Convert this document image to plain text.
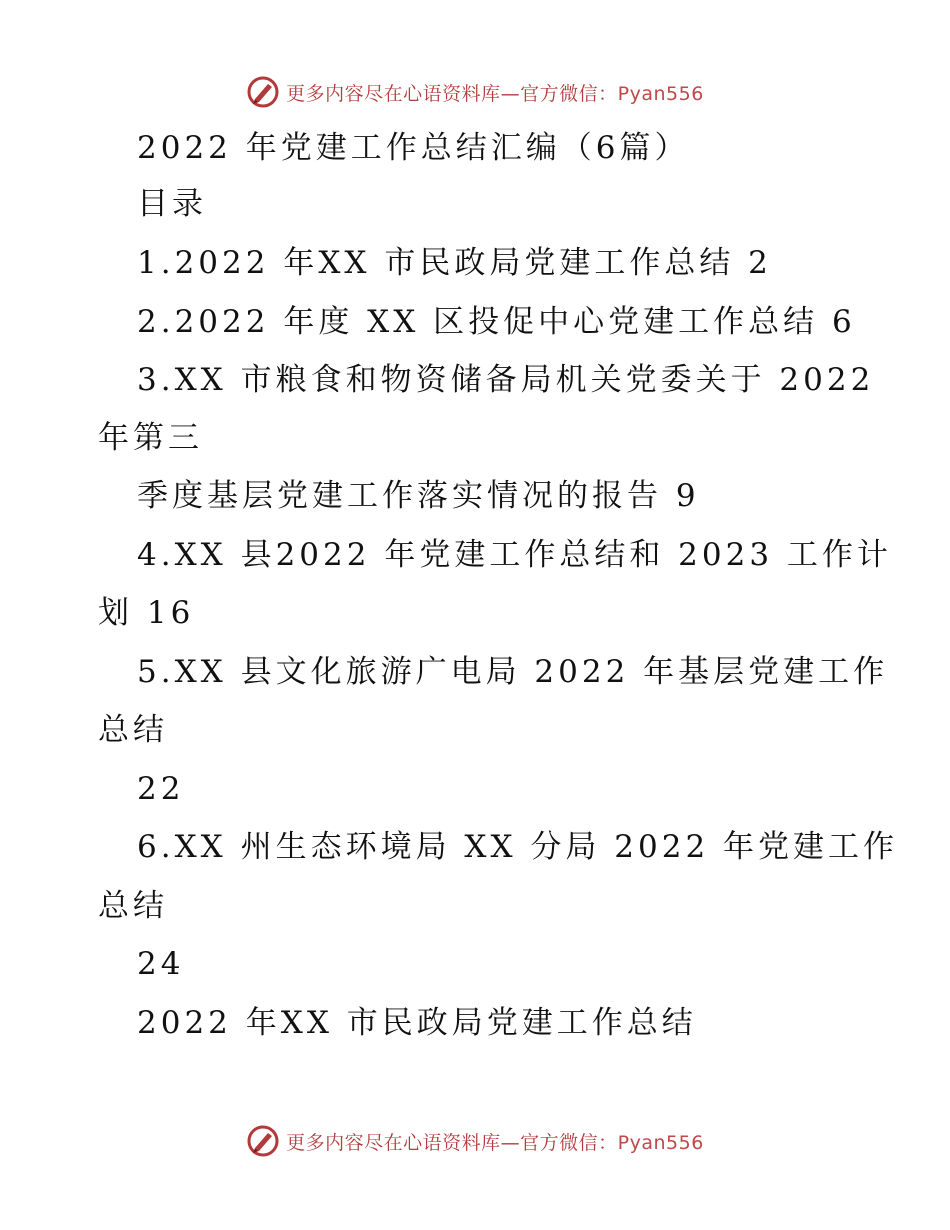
更多内容尽在心语资料库—官方微信：Pyan556
2022 年党建工作总结汇编（6篇）
目录
1.2022 年XX 市民政局党建工作总结 2
2.2022 年度 XX 区投促中心党建工作总结 6
3.XX 市粮食和物资储备局机关党委关于 2022
年第三
季度基层党建工作落实情况的报告 9
4.XX 县2022 年党建工作总结和 2023 工作计
划 16
5.XX 县文化旅游广电局 2022 年基层党建工作
总结
22
6.XX 州生态环境局 XX 分局 2022 年党建工作
总结
24
2022 年XX 市民政局党建工作总结
更多内容尽在心语资料库—官方微信：Pyan556
